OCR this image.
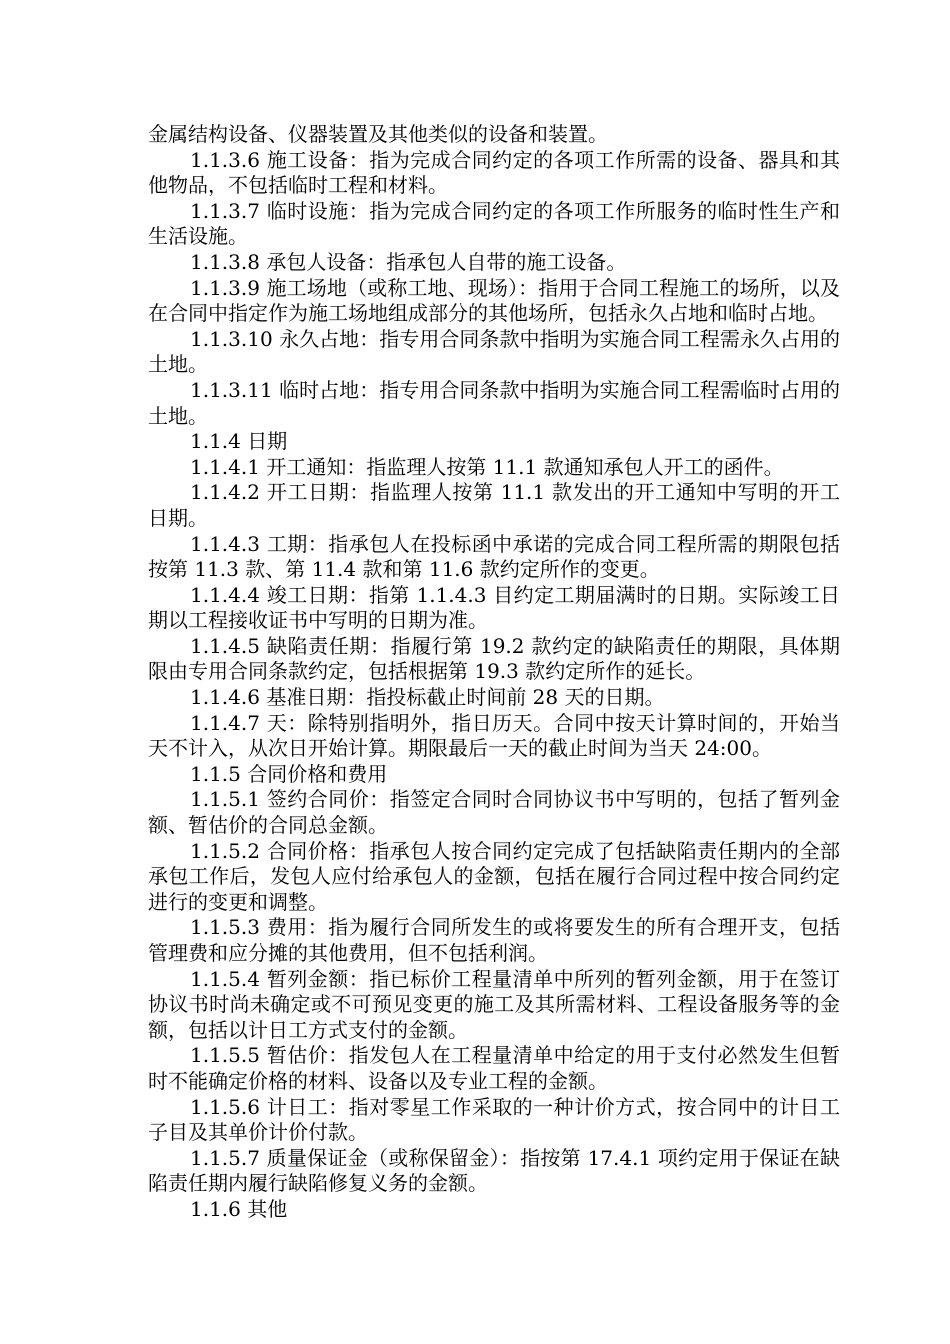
金属结构设备、仪器装置及其他类似的设备和装置。

1.1.3.6 施工设备：指为完成合同约定的各项工作所需的设备、器具和其他物品，不包括临时工程和材料。

1.1.3.7 临时设施：指为完成合同约定的各项工作所服务的临时性生产和生活设施。

1.1.3.8 承包人设备：指承包人自带的施工设备。

1.1.3.9 施工场地（或称工地、现场）：指用于合同工程施工的场所，以及在合同中指定作为施工场地组成部分的其他场所，包括永久占地和临时占地。

1.1.3.10 永久占地：指专用合同条款中指明为实施合同工程需永久占用的土地。

1.1.3.11 临时占地：指专用合同条款中指明为实施合同工程需临时占用的土地。

1.1.4 日期

1.1.4.1 开工通知：指监理人按第 11.1 款通知承包人开工的函件。

1.1.4.2 开工日期：指监理人按第 11.1 款发出的开工通知中写明的开工日期。

1.1.4.3 工期：指承包人在投标函中承诺的完成合同工程所需的期限包括按第 11.3 款、第 11.4 款和第 11.6 款约定所作的变更。

1.1.4.4 竣工日期：指第 1.1.4.3 目约定工期届满时的日期。实际竣工日期以工程接收证书中写明的日期为准。

1.1.4.5 缺陷责任期：指履行第 19.2 款约定的缺陷责任的期限，具体期限由专用合同条款约定，包括根据第 19.3 款约定所作的延长。

1.1.4.6 基准日期：指投标截止时间前 28 天的日期。

1.1.4.7 天：除特别指明外，指日历天。合同中按天计算时间的，开始当天不计入，从次日开始计算。期限最后一天的截止时间为当天 24:00。

1.1.5 合同价格和费用

1.1.5.1 签约合同价：指签定合同时合同协议书中写明的，包括了暂列金额、暂估价的合同总金额。

1.1.5.2 合同价格：指承包人按合同约定完成了包括缺陷责任期内的全部承包工作后，发包人应付给承包人的金额，包括在履行合同过程中按合同约定进行的变更和调整。

1.1.5.3 费用：指为履行合同所发生的或将要发生的所有合理开支，包括管理费和应分摊的其他费用，但不包括利润。

1.1.5.4 暂列金额：指已标价工程量清单中所列的暂列金额，用于在签订协议书时尚未确定或不可预见变更的施工及其所需材料、工程设备服务等的金额，包括以计日工方式支付的金额。

1.1.5.5 暂估价：指发包人在工程量清单中给定的用于支付必然发生但暂时不能确定价格的材料、设备以及专业工程的金额。

1.1.5.6 计日工：指对零星工作采取的一种计价方式，按合同中的计日工子目及其单价计价付款。

1.1.5.7 质量保证金（或称保留金）：指按第 17.4.1 项约定用于保证在缺陷责任期内履行缺陷修复义务的金额。

1.1.6 其他
